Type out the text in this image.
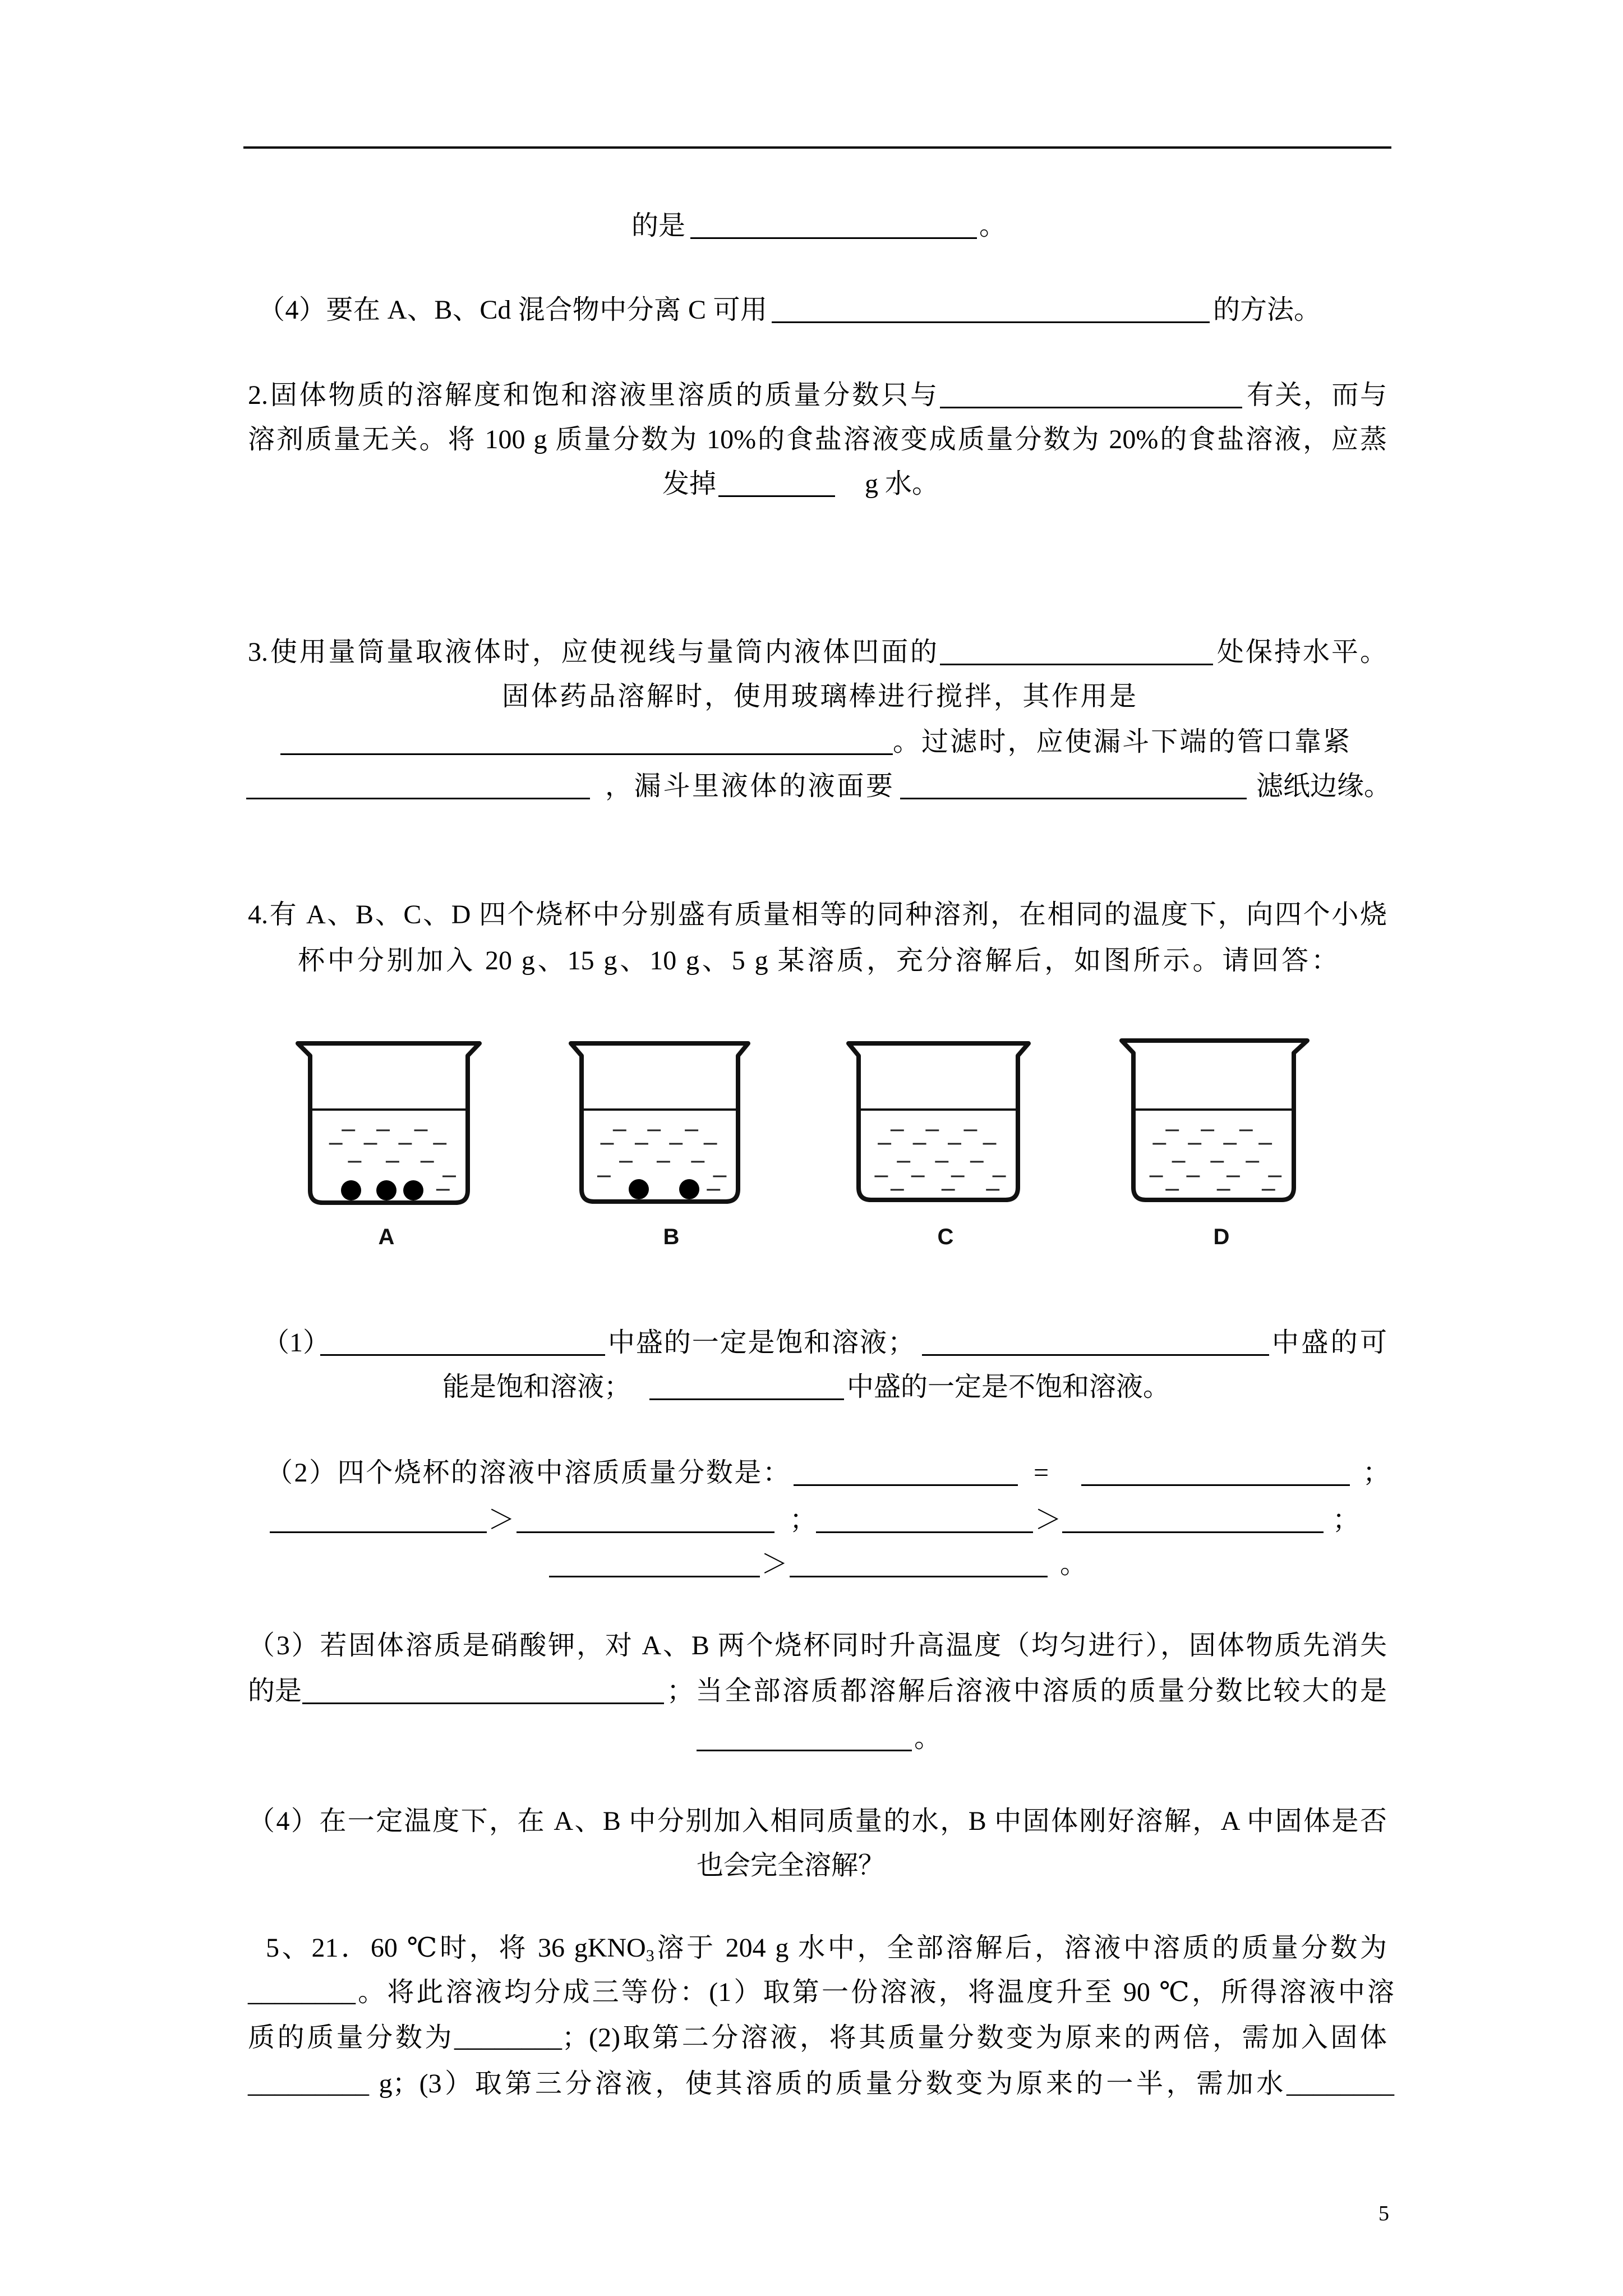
的是	。
（4）要在 A、B、Cd 混合物中分离 C 可用	的方法。
2.固体物质的溶解度和饱和溶液里溶质的质量分数只与	有关，而与
溶剂质量无关。将 100 g 质量分数为 10%的食盐溶液变成质量分数为 20%的食盐溶液，应蒸
发掉	g 水。
3.使用量筒量取液体时，应使视线与量筒内液体凹面的	处保持水平。
固体药品溶解时，使用玻璃棒进行搅拌，其作用是
。过滤时，应使漏斗下端的管口靠紧
，漏斗里液体的液面要	滤纸边缘。
4.有 A、B、C、D 四个烧杯中分别盛有质量相等的同种溶剂，在相同的温度下，向四个小烧
杯中分别加入 20 g、15 g、10 g、5 g 某溶质，充分溶解后，如图所示。请回答：
A	B	C	D
（1）	中盛的一定是饱和溶液；	中盛的可
能是饱和溶液；	中盛的一定是不饱和溶液。
（2）四个烧杯的溶液中溶质质量分数是：	=	；
＞	；	＞	；
＞	。
（3）若固体溶质是硝酸钾，对 A、B 两个烧杯同时升高温度（均匀进行），固体物质先消失
的是	；当全部溶质都溶解后溶液中溶质的质量分数比较大的是
。
（4）在一定温度下，在 A、B 中分别加入相同质量的水，B 中固体刚好溶解，A 中固体是否
也会完全溶解？
5、21．60 ℃时，将 36 gKNO$_3$溶于 204 g 水中，全部溶解后，溶液中溶质的质量分数为
________。将此溶液均分成三等份：(1）取第一份溶液，将温度升至 90 ℃，所得溶液中溶
质的质量分数为________；(2)取第二分溶液，将其质量分数变为原来的两倍，需加入固体
_________ g；(3）取第三分溶液，使其溶质的质量分数变为原来的一半，需加水________
5
